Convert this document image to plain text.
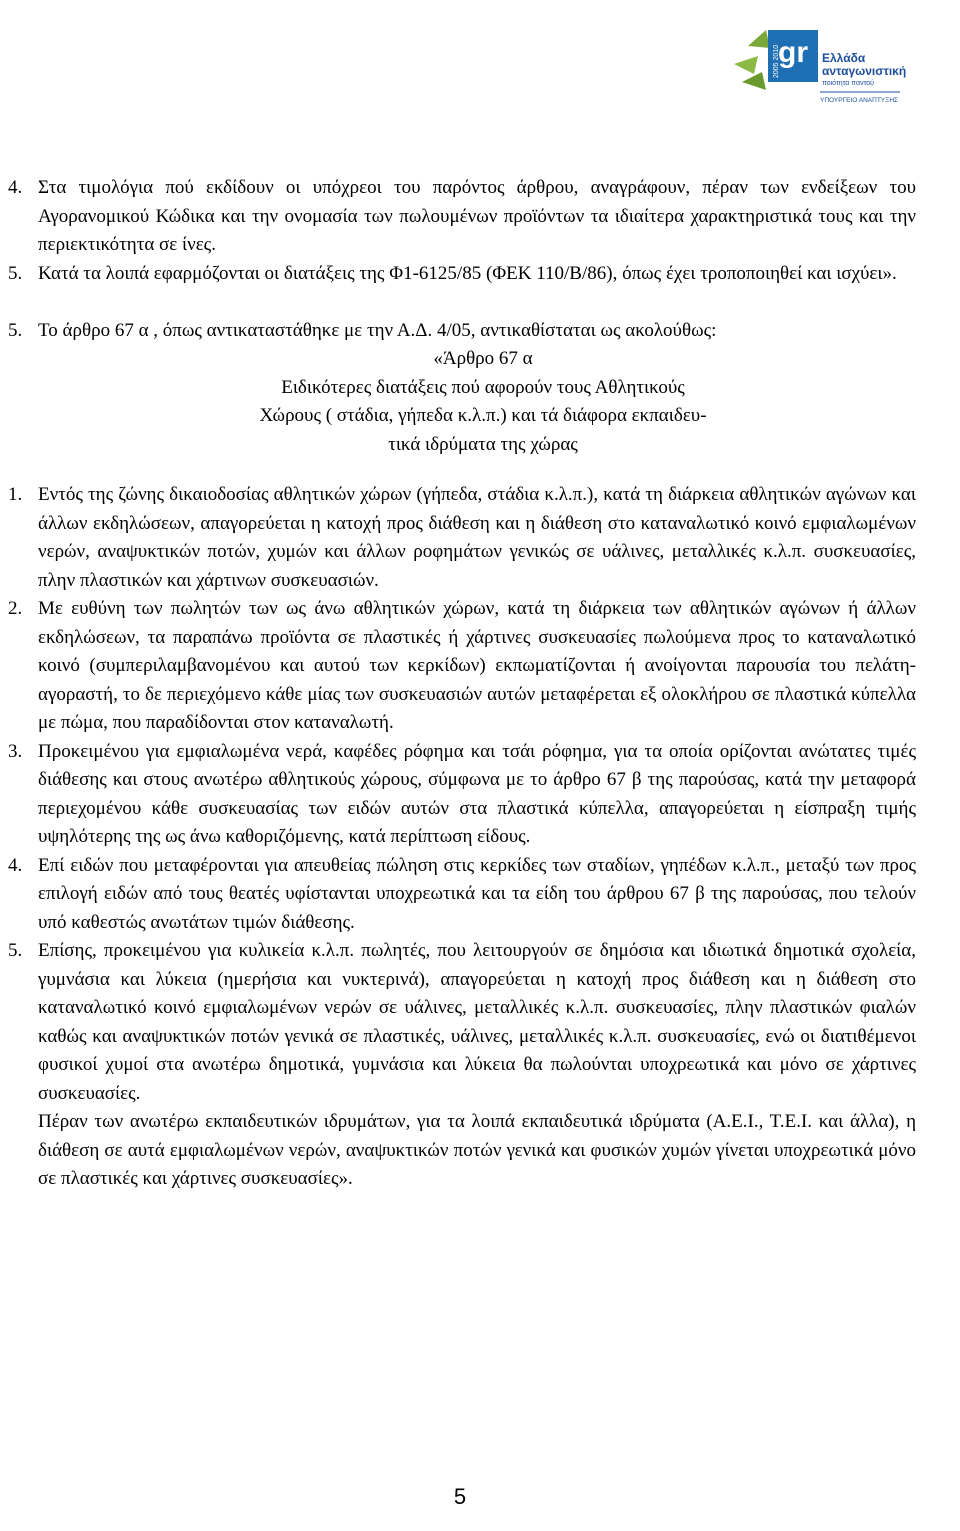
gr
2005 2010	Ελλάδα
ανταγωνιστική
ποιότητα παντού
ΥΠΟΥΡΓΕΙΟ ΑΝΑΠΤΥΞΗΣ
4. Στα τιμολόγια πού εκδίδουν οι υπόχρεοι του παρόντος άρθρου, αναγράφουν, πέραν των ενδείξεων του Αγορανομικού Κώδικα και την ονομασία των πωλουμένων προϊόντων τα ιδιαίτερα χαρακτηριστικά τους και την περιεκτικότητα σε ίνες.
5. Κατά τα λοιπά εφαρμόζονται οι διατάξεις της Φ1-6125/85 (ΦΕΚ 110/Β/86), όπως έχει τροποποιηθεί και ισχύει».
5. Το άρθρο 67 α , όπως αντικαταστάθηκε με την Α.Δ. 4/05, αντικαθίσταται ως ακολούθως:
«Άρθρο 67 α
Ειδικότερες διατάξεις πού αφορούν τους Αθλητικούς
Χώρους ( στάδια, γήπεδα κ.λ.π.) και τά διάφορα εκπαιδευ-
τικά ιδρύματα της χώρας
1. Εντός της ζώνης δικαιοδοσίας αθλητικών χώρων (γήπεδα, στάδια κ.λ.π.), κατά τη διάρκεια αθλητικών αγώνων και άλλων εκδηλώσεων, απαγορεύεται η κατοχή προς διάθεση και η διάθεση στο καταναλωτικό κοινό εμφιαλωμένων νερών, αναψυκτικών ποτών, χυμών και άλλων ροφημάτων γενικώς σε υάλινες, μεταλλικές κ.λ.π. συσκευασίες, πλην πλαστικών και χάρτινων συσκευασιών.
2. Με ευθύνη των πωλητών των ως άνω αθλητικών χώρων, κατά τη διάρκεια των αθλητικών αγώνων ή άλλων εκδηλώσεων, τα παραπάνω προϊόντα σε πλαστικές ή χάρτινες συσκευασίες πωλούμενα προς το καταναλωτικό κοινό (συμπεριλαμβανομένου και αυτού των κερκίδων) εκπωματίζονται ή ανοίγονται παρουσία του πελάτη-αγοραστή, το δε περιεχόμενο κάθε μίας των συσκευασιών αυτών μεταφέρεται εξ ολοκλήρου σε πλαστικά κύπελλα με πώμα, που παραδίδονται στον καταναλωτή.
3. Προκειμένου για εμφιαλωμένα νερά, καφέδες ρόφημα και τσάι ρόφημα, για τα οποία ορίζονται ανώτατες τιμές διάθεσης και στους ανωτέρω αθλητικούς χώρους, σύμφωνα με το άρθρο 67 β της παρούσας, κατά την μεταφορά περιεχομένου κάθε συσκευασίας των ειδών αυτών στα πλαστικά κύπελλα, απαγορεύεται η είσπραξη τιμής υψηλότερης της ως άνω καθοριζόμενης, κατά περίπτωση είδους.
4. Επί ειδών που μεταφέρονται για απευθείας πώληση στις κερκίδες των σταδίων, γηπέδων κ.λ.π., μεταξύ των προς επιλογή ειδών από τους θεατές υφίστανται υποχρεωτικά και τα είδη του άρθρου 67 β της παρούσας, που τελούν υπό καθεστώς ανωτάτων τιμών διάθεσης.
5. Επίσης, προκειμένου για κυλικεία κ.λ.π. πωλητές, που λειτουργούν σε δημόσια και ιδιωτικά δημοτικά σχολεία, γυμνάσια και λύκεια (ημερήσια και νυκτερινά), απαγορεύεται η κατοχή προς διάθεση και η διάθεση στο καταναλωτικό κοινό εμφιαλωμένων νερών σε υάλινες, μεταλλικές κ.λ.π. συσκευασίες, πλην πλαστικών φιαλών καθώς και αναψυκτικών ποτών γενικά σε πλαστικές, υάλινες, μεταλλικές κ.λ.π. συσκευασίες, ενώ οι διατιθέμενοι φυσικοί χυμοί στα ανωτέρω δημοτικά, γυμνάσια και λύκεια θα πωλούνται υποχρεωτικά και μόνο σε χάρτινες συσκευασίες.
Πέραν των ανωτέρω εκπαιδευτικών ιδρυμάτων, για τα λοιπά εκπαιδευτικά ιδρύματα (Α.Ε.Ι., Τ.Ε.Ι. και άλλα), η διάθεση σε αυτά εμφιαλωμένων νερών, αναψυκτικών ποτών γενικά και φυσικών χυμών γίνεται υποχρεωτικά μόνο σε πλαστικές και χάρτινες συσκευασίες».
5
